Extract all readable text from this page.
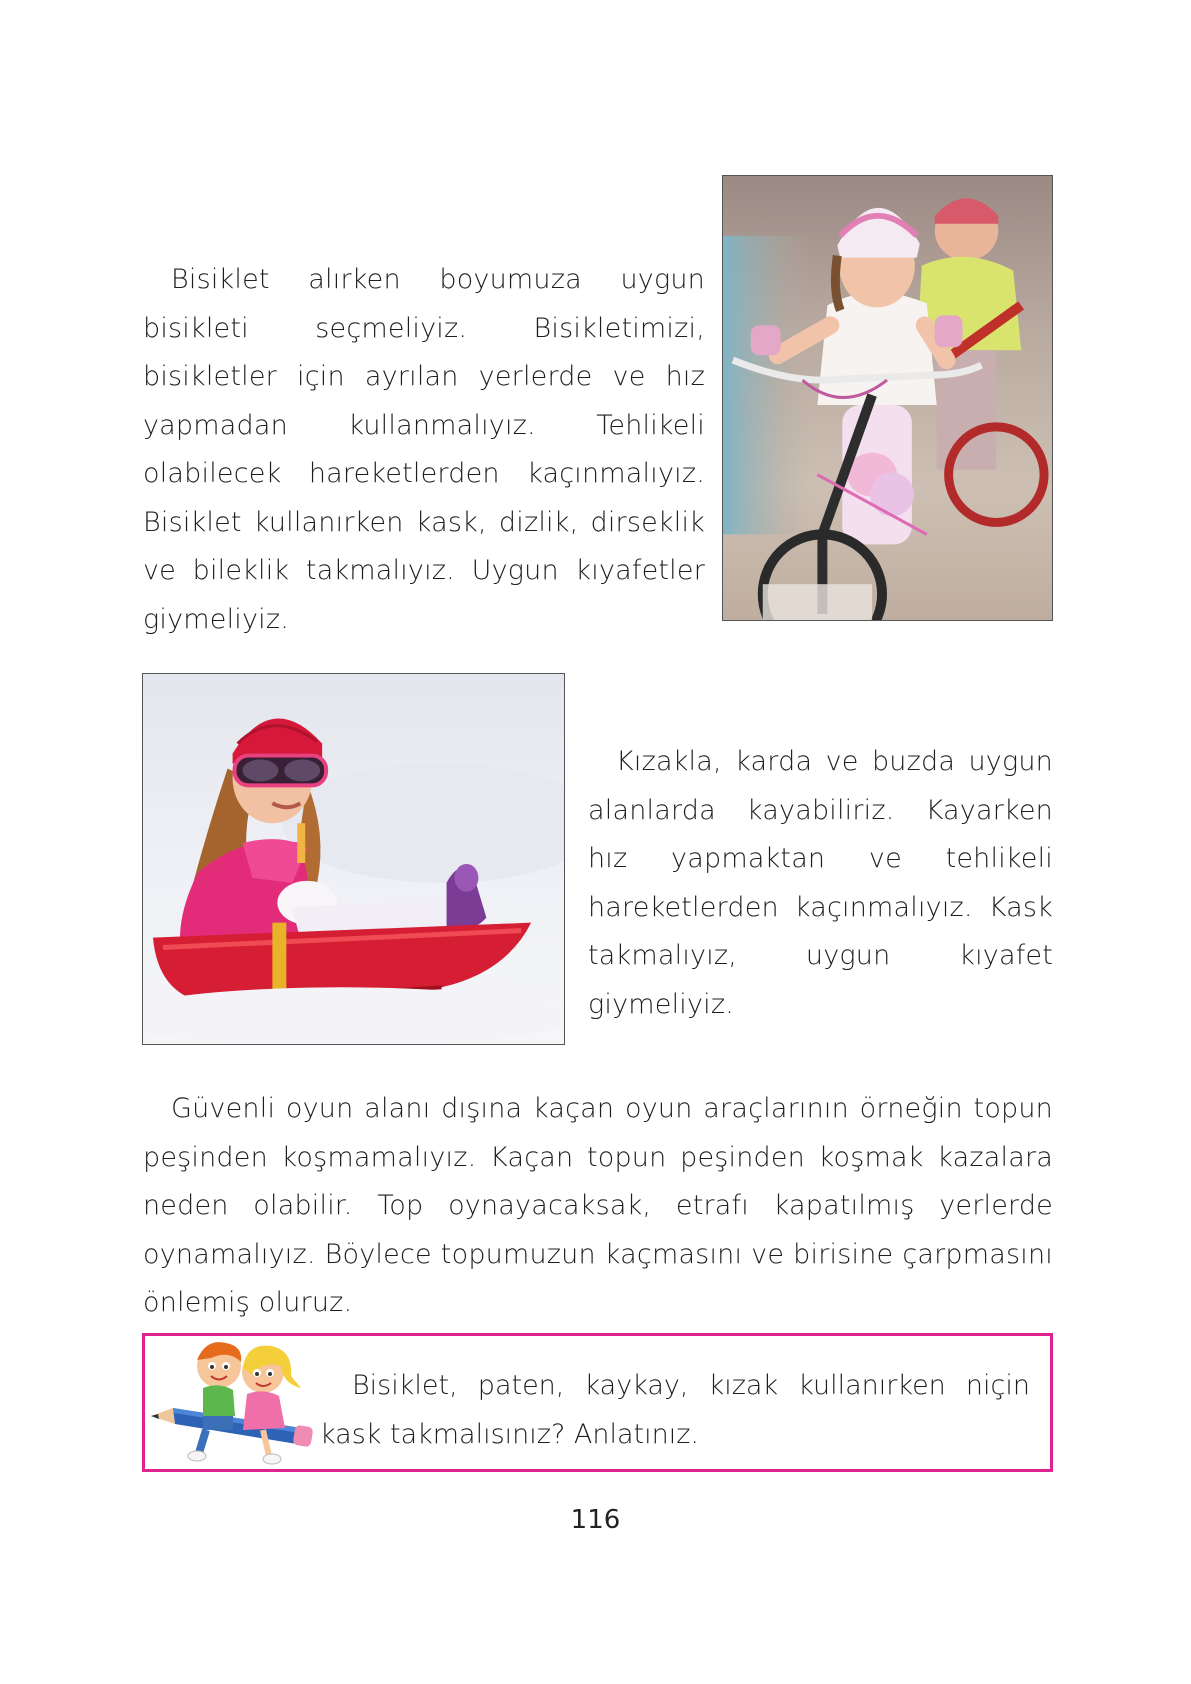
Bisiklet alırken boyumuza uygun bisikleti seçmeliyiz. Bisikletimizi, bisikletler için ayrılan yerlerde ve hız yapmadan kullanmalıyız. Tehlikeli olabilecek hareketlerden kaçınmalıyız. Bisiklet kullanırken kask, dizlik, dirseklik ve bileklik takmalıyız. Uygun kıyafetler giymeliyiz.

Kızakla, karda ve buzda uygun alanlarda kayabiliriz. Kayarken hız yapmaktan ve tehlikeli hareketlerden kaçınmalıyız. Kask takmalıyız, uygun kıyafet giymeliyiz.

Güvenli oyun alanı dışına kaçan oyun araçlarının örneğin topun peşinden koşmamalıyız. Kaçan topun peşinden koşmak kazalara neden olabilir. Top oynayacaksak, etrafı kapatılmış yerlerde oynamalıyız. Böylece topumuzun kaçmasını ve birisine çarpmasını önlemiş oluruz.

Bisiklet, paten, kaykay, kızak kullanırken niçin kask takmalısınız? Anlatınız.

116
